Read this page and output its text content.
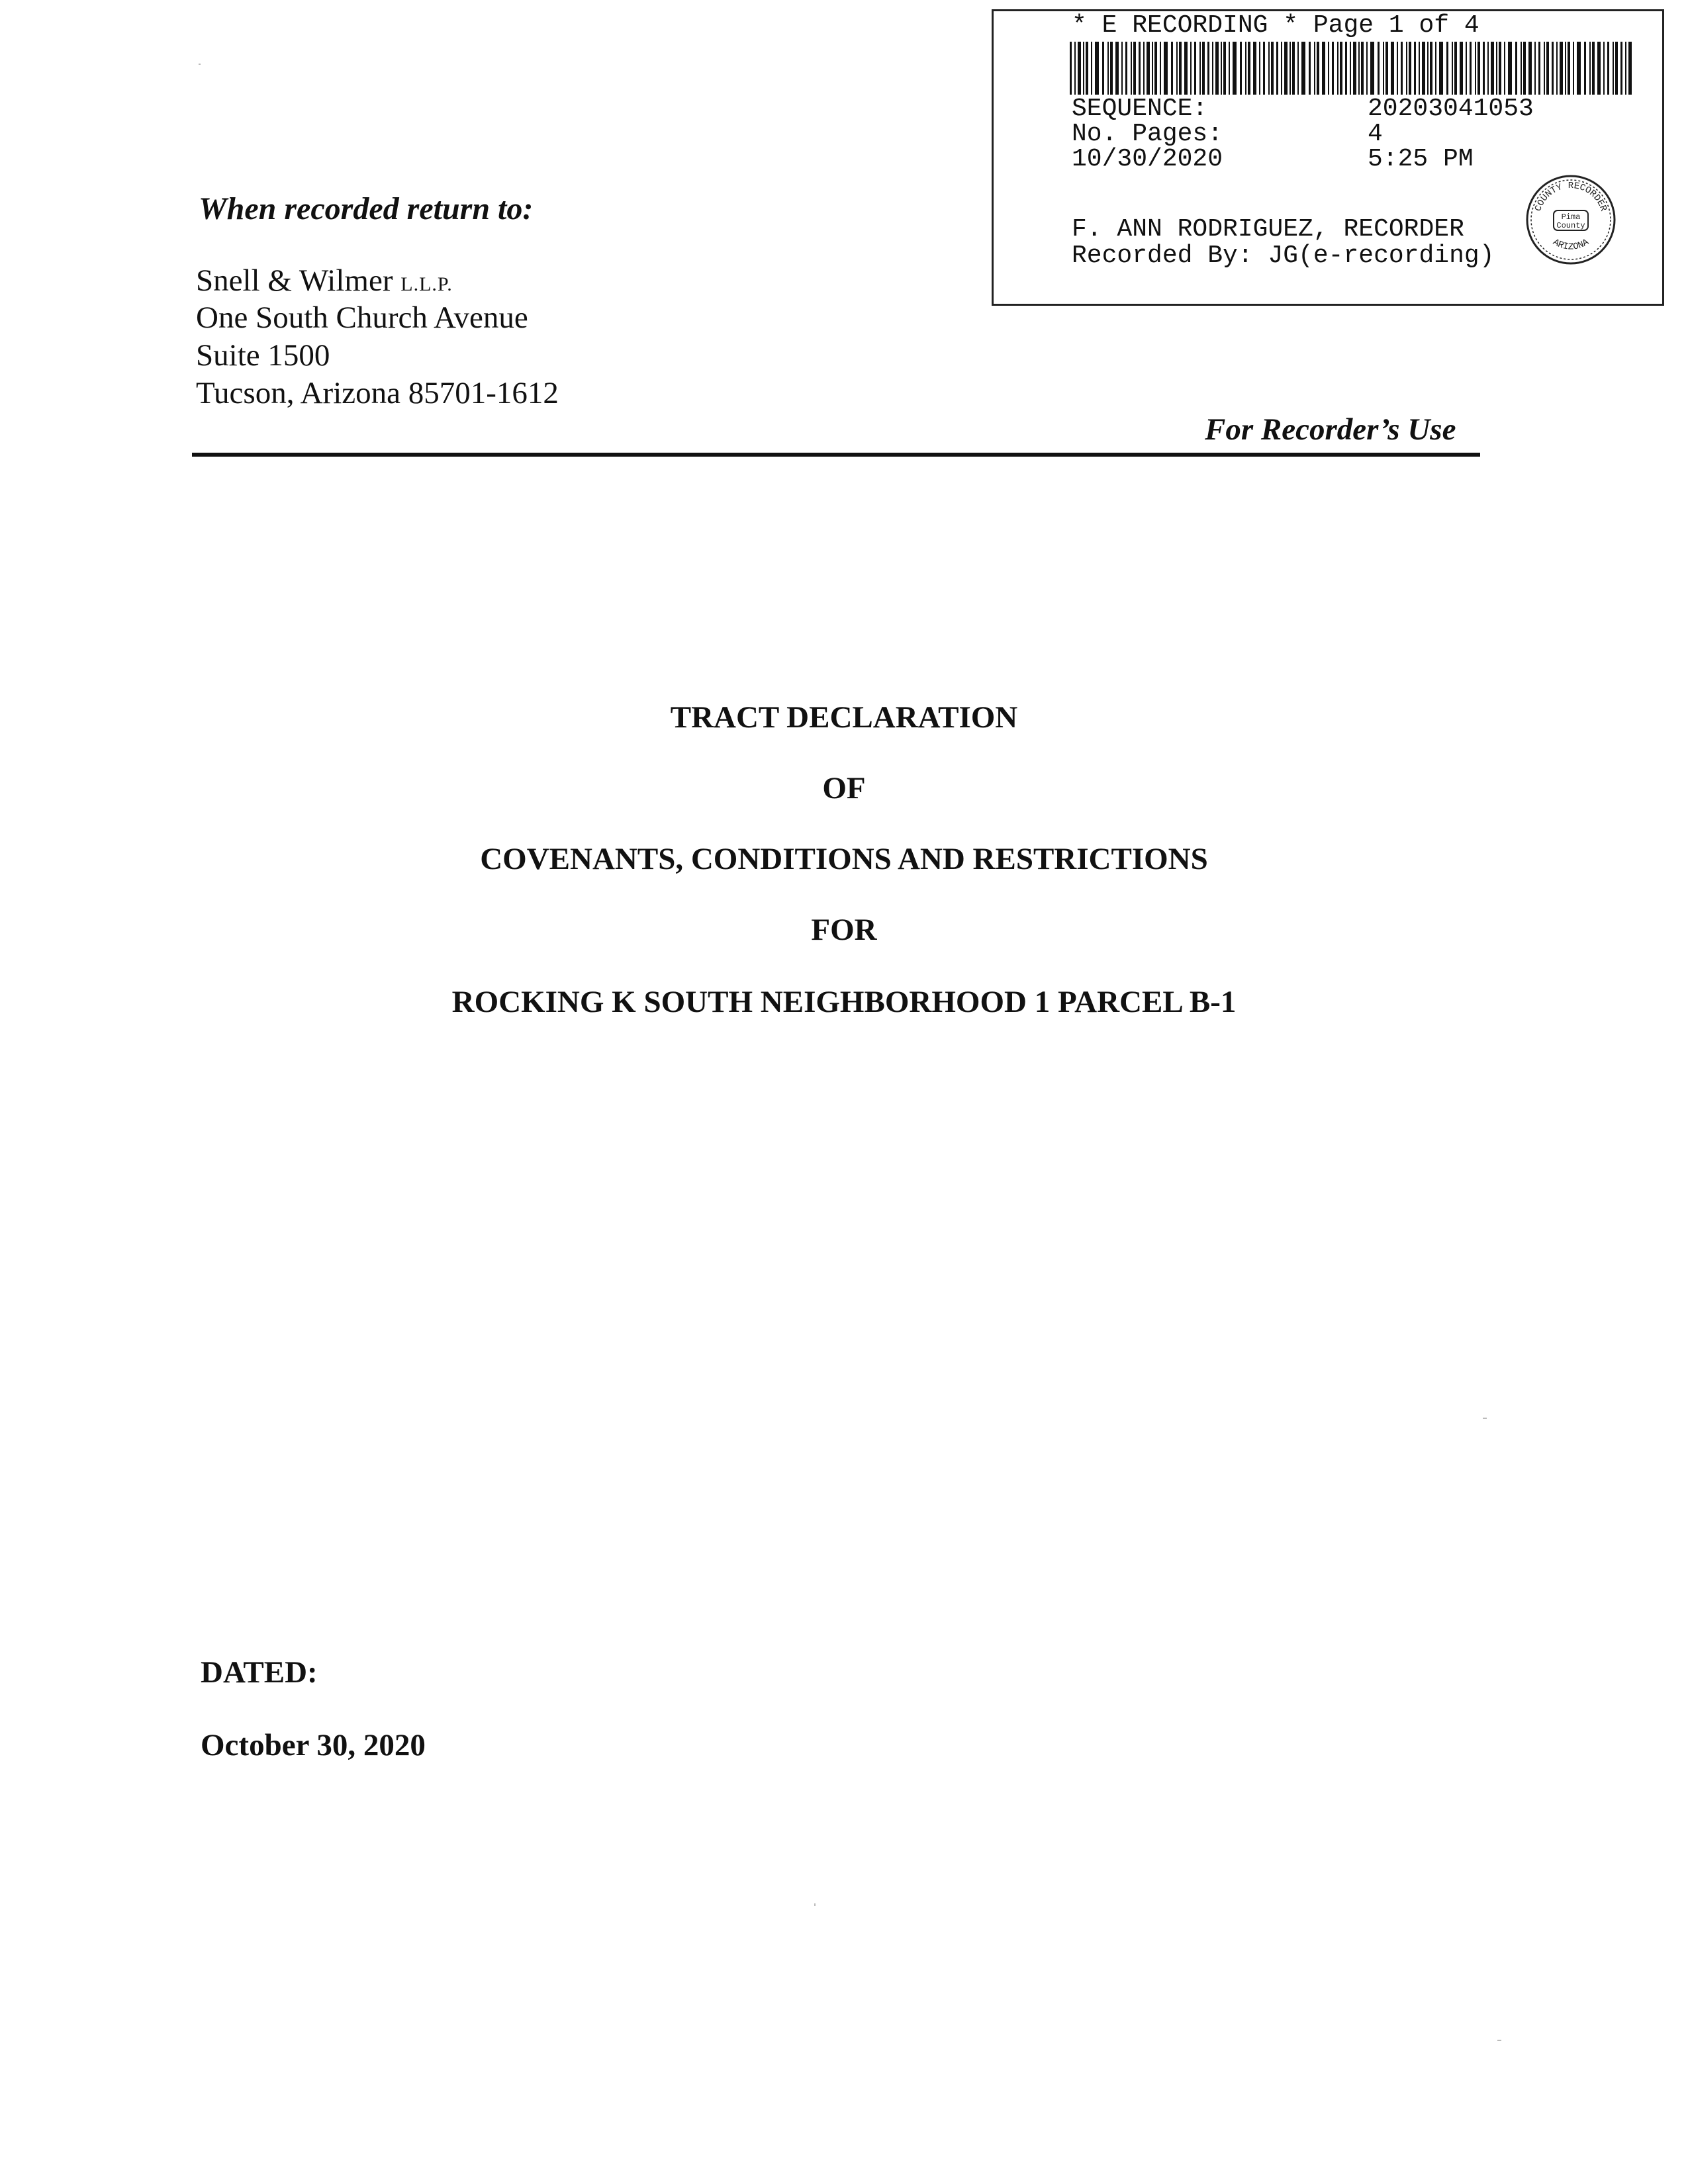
* E RECORDING * Page 1 of 4
SEQUENCE:	20203041053
No. Pages:	4
10/30/2020	5:25 PM
F. ANN RODRIGUEZ, RECORDER
Recorded By: JG(e-recording)
COUNTY RECORDER
Pima
County
ARIZONA
When recorded return to:
Snell & Wilmer L.L.P.
One South Church Avenue
Suite 1500
Tucson, Arizona 85701-1612
For Recorder’s Use
TRACT DECLARATION
OF
COVENANTS, CONDITIONS AND RESTRICTIONS
FOR
ROCKING K SOUTH NEIGHBORHOOD 1 PARCEL B-1
DATED:
October 30, 2020
